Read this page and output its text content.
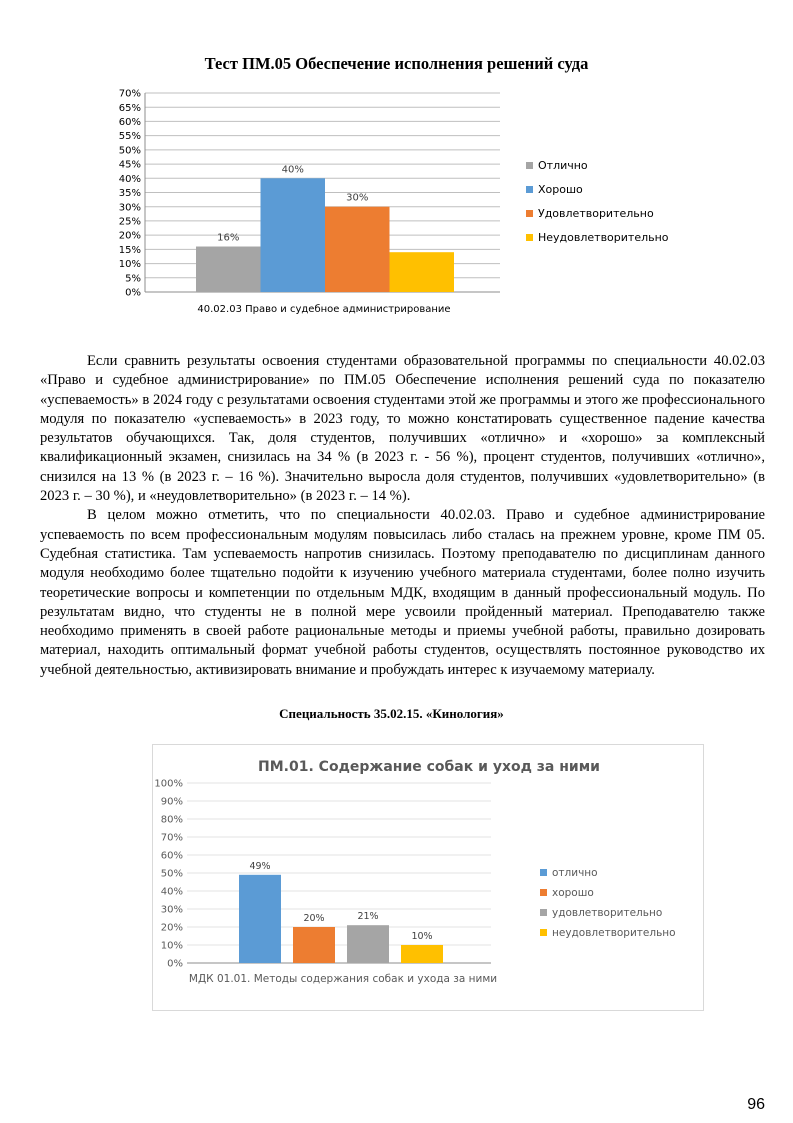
Тест ПМ.05 Обеспечение исполнения решений суда
0%
5%
10%
15%
20%
25%
30%
35%
40%
45%
50%
55%
60%
65%
70%
16%
Отлично
40%
Хорошо
30%
Удовлетворительно
Неудовлетворительно
40.02.03 Право и судебное администрирование

Если сравнить результаты освоения студентами образовательной программы по специальности 40.02.03 «Право и судебное администрирование» по ПМ.05 Обеспечение исполнения решений суда по показателю «успеваемость» в 2024 году с результатами освоения студентами этой же программы и этого же профессионального модуля по показателю «успеваемость» в 2023 году, то можно констатировать существенное падение качества результатов обучающихся. Так, доля студентов, получивших «отлично» и «хорошо» за комплексный квалификационный экзамен, снизилась на 34 % (в 2023 г. - 56 %), процент студентов, получивших «отлично», снизился на 13 % (в 2023 г. – 16 %). Значительно выросла доля студентов, получивших «удовлетворительно» (в 2023 г. – 30 %), и «неудовлетворительно» (в 2023 г. – 14 %).

В целом можно отметить, что по специальности 40.02.03. Право и судебное администрирование успеваемость по всем профессиональным модулям повысилась либо сталась на прежнем уровне, кроме ПМ 05. Судебная статистика. Там успеваемость напротив снизилась. Поэтому преподавателю по дисциплинам данного модуля необходимо более тщательно подойти к изучению учебного материала студентами, более полно изучить теоретические вопросы и компетенции по отдельным МДК, входящим в данный профессиональный модуль. По результатам видно, что студенты не в полной мере усвоили пройденный материал. Преподавателю также необходимо применять в своей работе рациональные методы и приемы учебной работы, правильно дозировать материал, находить оптимальный формат учебной работы студентов, осуществлять постоянное руководство их учебной деятельностью, активизировать внимание и пробуждать интерес к изучаемому материалу.

Специальность 35.02.15. «Кинология»
ПМ.01. Содержание собак и уход за ними
0%
10%
20%
30%
40%
50%
60%
70%
80%
90%
100%
49%
отлично
20%
хорошо
21%	удовлетворительно
10%	неудовлетворительно
МДК 01.01. Методы содержания собак и ухода за ними
96
